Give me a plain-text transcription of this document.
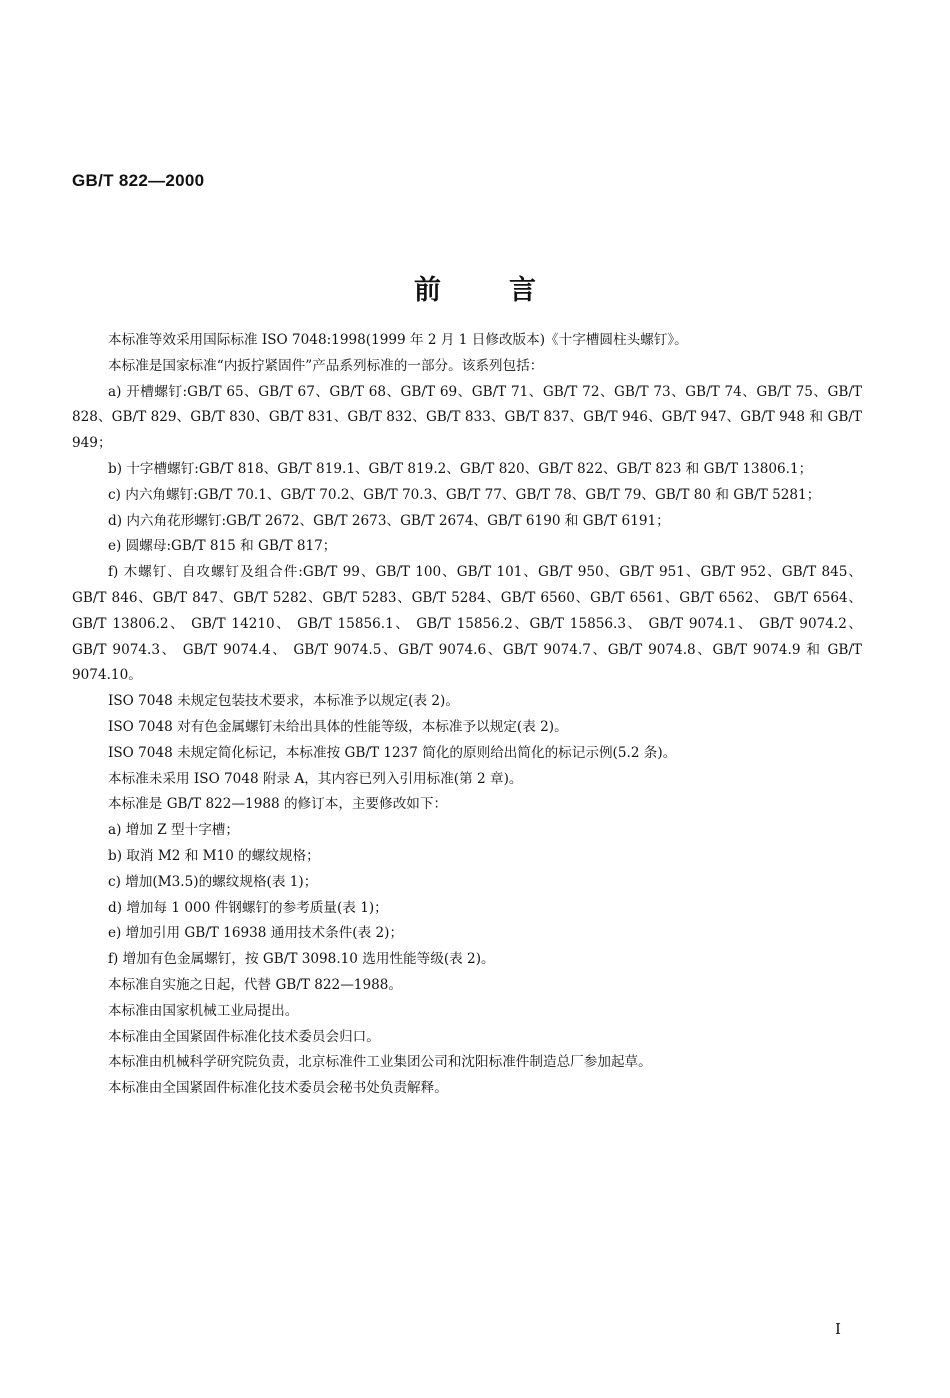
GB/T 822—2000
前言

本标准等效采用国际标准 ISO 7048:1998(1999 年 2 月 1 日修改版本)《十字槽圆柱头螺钉》。

本标准是国家标准“内扳拧紧固件”产品系列标准的一部分。该系列包括：

a) 开槽螺钉:GB/T 65、GB/T 67、GB/T 68、GB/T 69、GB/T 71、GB/T 72、GB/T 73、GB/T 74、GB/T 75、GB/T 828、GB/T 829、GB/T 830、GB/T 831、GB/T 832、GB/T 833、GB/T 837、GB/T 946、GB/T 947、GB/T 948 和 GB/T 949；

b) 十字槽螺钉:GB/T 818、GB/T 819.1、GB/T 819.2、GB/T 820、GB/T 822、GB/T 823 和 GB/T 13806.1；

c) 内六角螺钉:GB/T 70.1、GB/T 70.2、GB/T 70.3、GB/T 77、GB/T 78、GB/T 79、GB/T 80 和 GB/T 5281；

d) 内六角花形螺钉:GB/T 2672、GB/T 2673、GB/T 2674、GB/T 6190 和 GB/T 6191；

e) 圆螺母:GB/T 815 和 GB/T 817；

f) 木螺钉、自攻螺钉及组合件:GB/T 99、GB/T 100、GB/T 101、GB/T 950、GB/T 951、GB/T 952、GB/T 845、GB/T 846、GB/T 847、GB/T 5282、GB/T 5283、GB/T 5284、GB/T 6560、GB/T 6561、GB/T 6562、 GB/T 6564、 GB/T 13806.2、 GB/T 14210、 GB/T 15856.1、 GB/T 15856.2、GB/T 15856.3、 GB/T 9074.1、 GB/T 9074.2、 GB/T 9074.3、 GB/T 9074.4、 GB/T 9074.5、GB/T 9074.6、GB/T 9074.7、GB/T 9074.8、GB/T 9074.9 和 GB/T 9074.10。

ISO 7048 未规定包装技术要求，本标准予以规定(表 2)。

ISO 7048 对有色金属螺钉未给出具体的性能等级，本标准予以规定(表 2)。

ISO 7048 未规定简化标记，本标准按 GB/T 1237 简化的原则给出简化的标记示例(5.2 条)。

本标准未采用 ISO 7048 附录 A，其内容已列入引用标准(第 2 章)。

本标准是 GB/T 822—1988 的修订本，主要修改如下：

a) 增加 Z 型十字槽；

b) 取消 M2 和 M10 的螺纹规格；

c) 增加(M3.5)的螺纹规格(表 1)；

d) 增加每 1 000 件钢螺钉的参考质量(表 1)；

e) 增加引用 GB/T 16938 通用技术条件(表 2)；

f) 增加有色金属螺钉，按 GB/T 3098.10 选用性能等级(表 2)。

本标准自实施之日起，代替 GB/T 822—1988。

本标准由国家机械工业局提出。

本标准由全国紧固件标准化技术委员会归口。

本标准由机械科学研究院负责，北京标准件工业集团公司和沈阳标准件制造总厂参加起草。

本标准由全国紧固件标准化技术委员会秘书处负责解释。

I
